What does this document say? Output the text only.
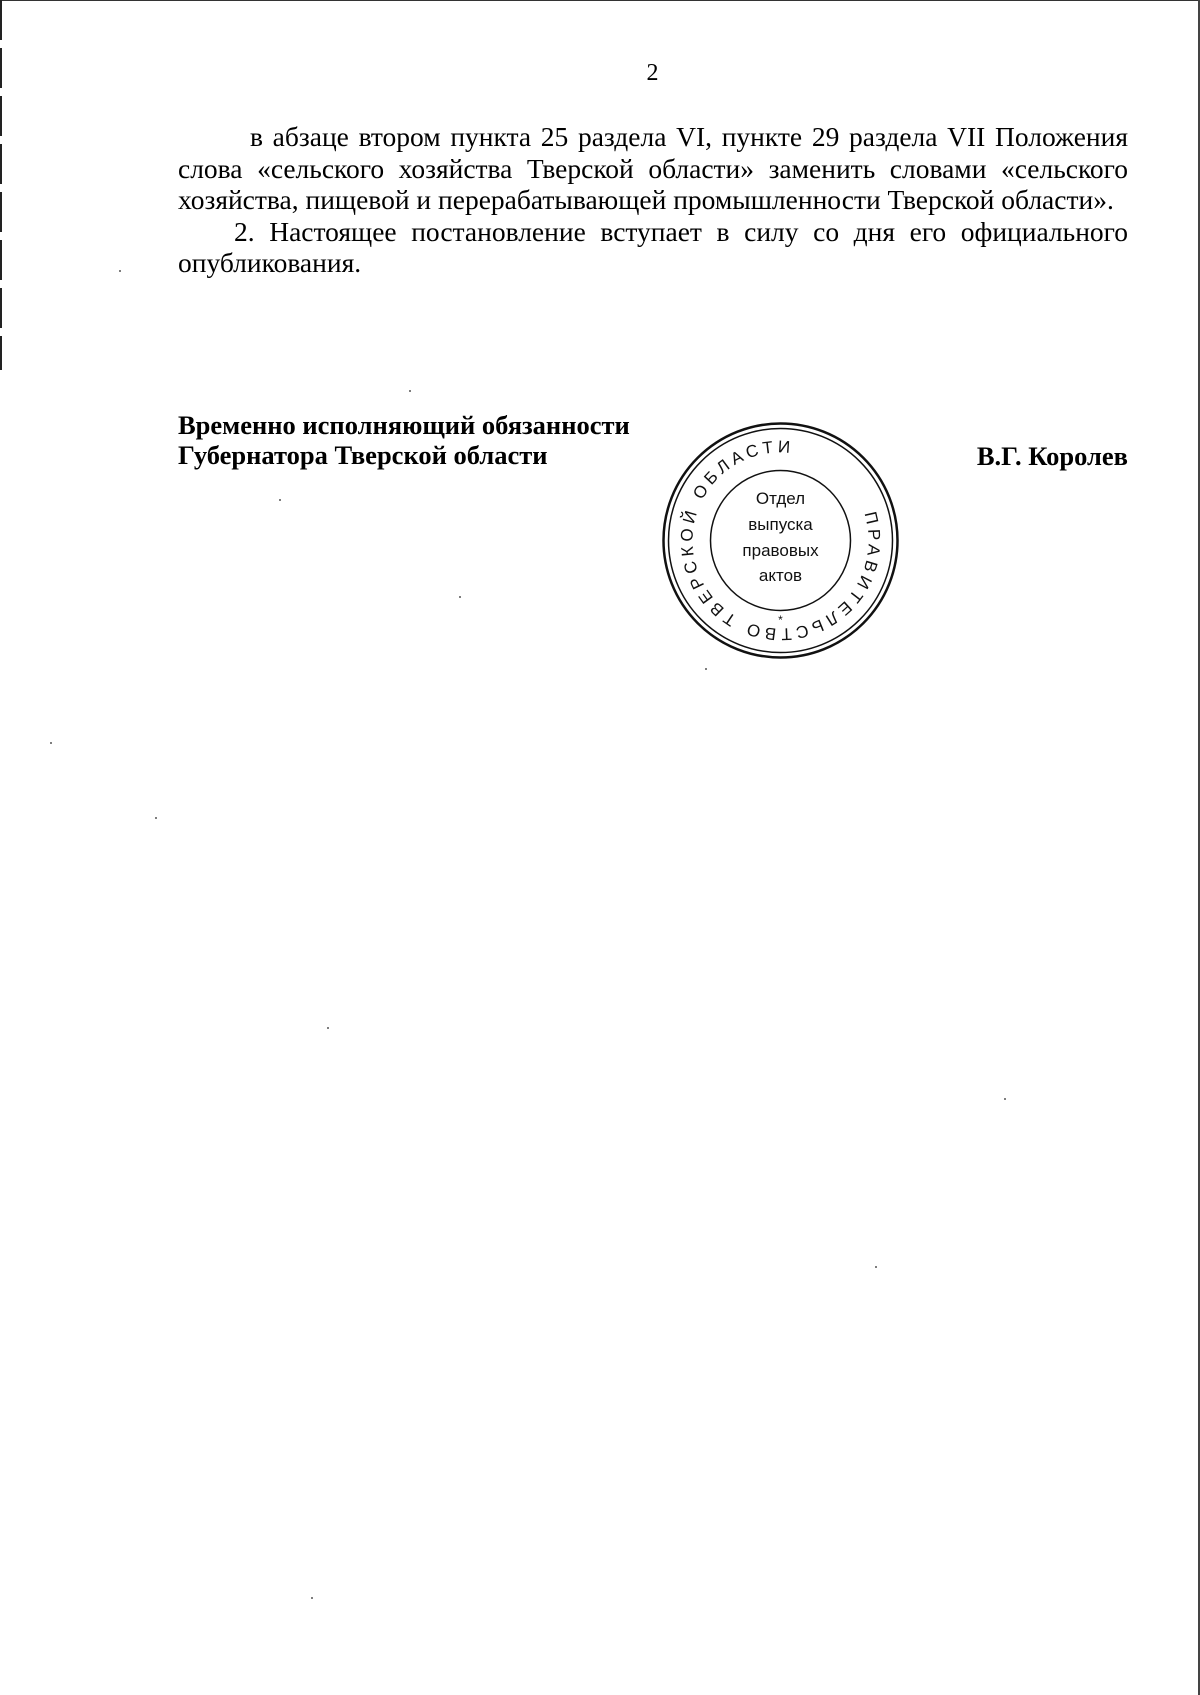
2

в абзаце втором пункта 25 раздела VI, пункте 29 раздела VII Положения слова «сельского хозяйства Тверской области» заменить словами «сельского хозяйства, пищевой и перерабатывающей промышленности Тверской области».

2. Настоящее постановление вступает в силу со дня его официального опубликования.

Временно исполняющий обязанности
Губернатора Тверской области	В.Г. Королев
ПРАВИТЕЛЬСТВО ТВЕРСКОЙ ОБЛАСТИ
*
Отдел
выпуска
правовых
актов
